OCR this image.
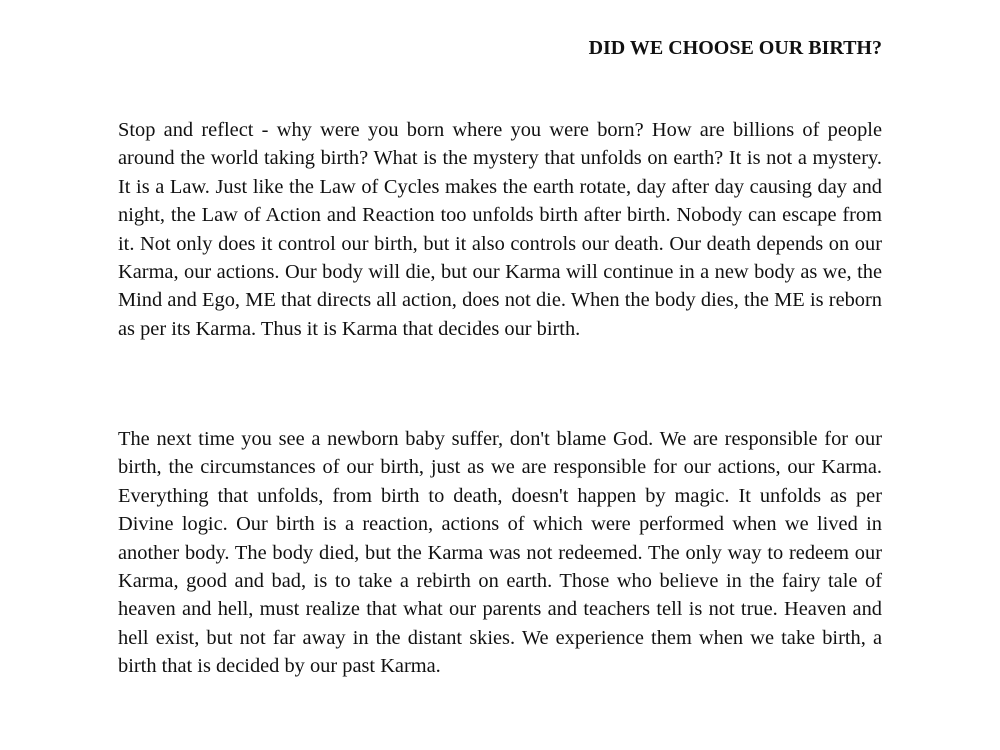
DID WE CHOOSE OUR BIRTH?

Stop and reflect - why were you born where you were born? How are billions of people around the world taking birth? What is the mystery that unfolds on earth? It is not a mystery. It is a Law. Just like the Law of Cycles makes the earth rotate, day after day causing day and night, the Law of Action and Reaction too unfolds birth after birth. Nobody can escape from it. Not only does it control our birth, but it also controls our death. Our death depends on our Karma, our actions. Our body will die, but our Karma will continue in a new body as we, the Mind and Ego, ME that directs all action, does not die. When the body dies, the ME is reborn as per its Karma. Thus it is Karma that decides our birth.

The next time you see a newborn baby suffer, don't blame God. We are responsible for our birth, the circumstances of our birth, just as we are responsible for our actions, our Karma. Everything that unfolds, from birth to death, doesn't happen by magic. It unfolds as per Divine logic. Our birth is a reaction, actions of which were performed when we lived in another body. The body died, but the Karma was not redeemed. The only way to redeem our Karma, good and bad, is to take a rebirth on earth. Those who believe in the fairy tale of heaven and hell, must realize that what our parents and teachers tell is not true. Heaven and hell exist, but not far away in the distant skies. We experience them when we take birth, a birth that is decided by our past Karma.
